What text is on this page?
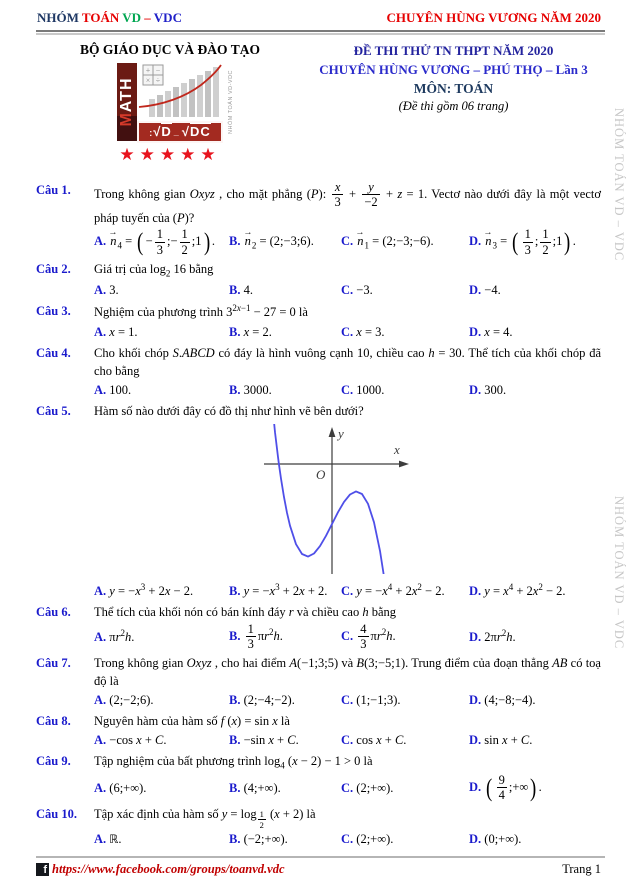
NHÓM TOÁN VD – VDC	CHUYÊN HÙNG VƯƠNG NĂM 2020
BỘ GIÁO DỤC VÀ ĐÀO TẠO
MATH
+ −
× ÷
:√D _ √DC	NHÓM TOÁN VD-VDC
★★★★★
ĐỀ THI THỬ TN THPT NĂM 2020
CHUYÊN HÙNG VƯƠNG – PHÚ THỌ – Lần 3
MÔN: TOÁN
(Đề thi gồm 06 trang)
Câu 1.	Trong không gian Oxyz , cho mặt phẳng (P): $\frac{x}{3} + \frac{y}{-2} + z = 1$. Vectơ nào dưới đây là một vectơ pháp tuyến của (P)?
A. → $n_4$ = ( − $\frac{1}{3}$ ;− $\frac{1}{2}$ ;1) .	B. → $n_2$ = (2;−3;6).	C. → $n_1$ = (2;−3;−6).	D. → $n_3$ = ( $\frac{1}{3}$ ; $\frac{1}{2}$ ;1) .
Câu 2.	Giá trị của $\log_2 16$ bằng
A. 3.	B. 4.	C. −3.	D. −4.
Câu 3.	Nghiệm của phương trình $3^{2x-1} - 27 = 0$ là
A. x = 1.	B. x = 2.	C. x = 3.	D. x = 4.
Câu 4.	Cho khối chóp S.ABCD có đáy là hình vuông cạnh 10, chiều cao h = 30. Thể tích của khối chóp đã cho bằng
A. 100.	B. 3000.	C. 1000.	D. 300.
Câu 5.	Hàm số nào dưới đây có đồ thị như hình vẽ bên dưới?
x
y
O
A. $y = -x^3 + 2x - 2$.	B. $y = -x^3 + 2x + 2$.	C. $y = -x^4 + 2x^2 - 2$.	D. $y = x^4 + 2x^2 - 2$.
Câu 6.	Thể tích của khối nón có bán kính đáy r và chiều cao h bằng
A. $\pi r^2h$.	B. $\frac{1}{3} \pi r^2h$.	C. $\frac{4}{3} \pi r^2h$.	D. $2\pi r^2h$.
Câu 7.	Trong không gian Oxyz , cho hai điểm A(−1;3;5) và B(3;−5;1). Trung điểm của đoạn thẳng AB có toạ độ là
A. (2;−2;6).	B. (2;−4;−2).	C. (1;−1;3).	D. (4;−8;−4).
Câu 8.	Nguyên hàm của hàm số f (x) = sin x là
A. −cos x + C.	B. −sin x + C.	C. cos x + C.	D. sin x + C.
Câu 9.	Tập nghiệm của bất phương trình $\log_4 (x - 2) - 1 > 0$ là
A. (6;+∞).	B. (4;+∞).	C. (2;+∞).	D. ( $\frac{9}{4}$ ;+∞) .
Câu 10.	Tập xác định của hàm số y = log $_{\frac{1}{2}}$ (x + 2) là
A. ℝ.	B. (−2;+∞).	C. (2;+∞).	D. (0;+∞).
NHÓM TOÁN VD – VDC
NHÓM TOÁN VD – VDC
f https://www.facebook.com/groups/toanvd.vdc	Trang 1
